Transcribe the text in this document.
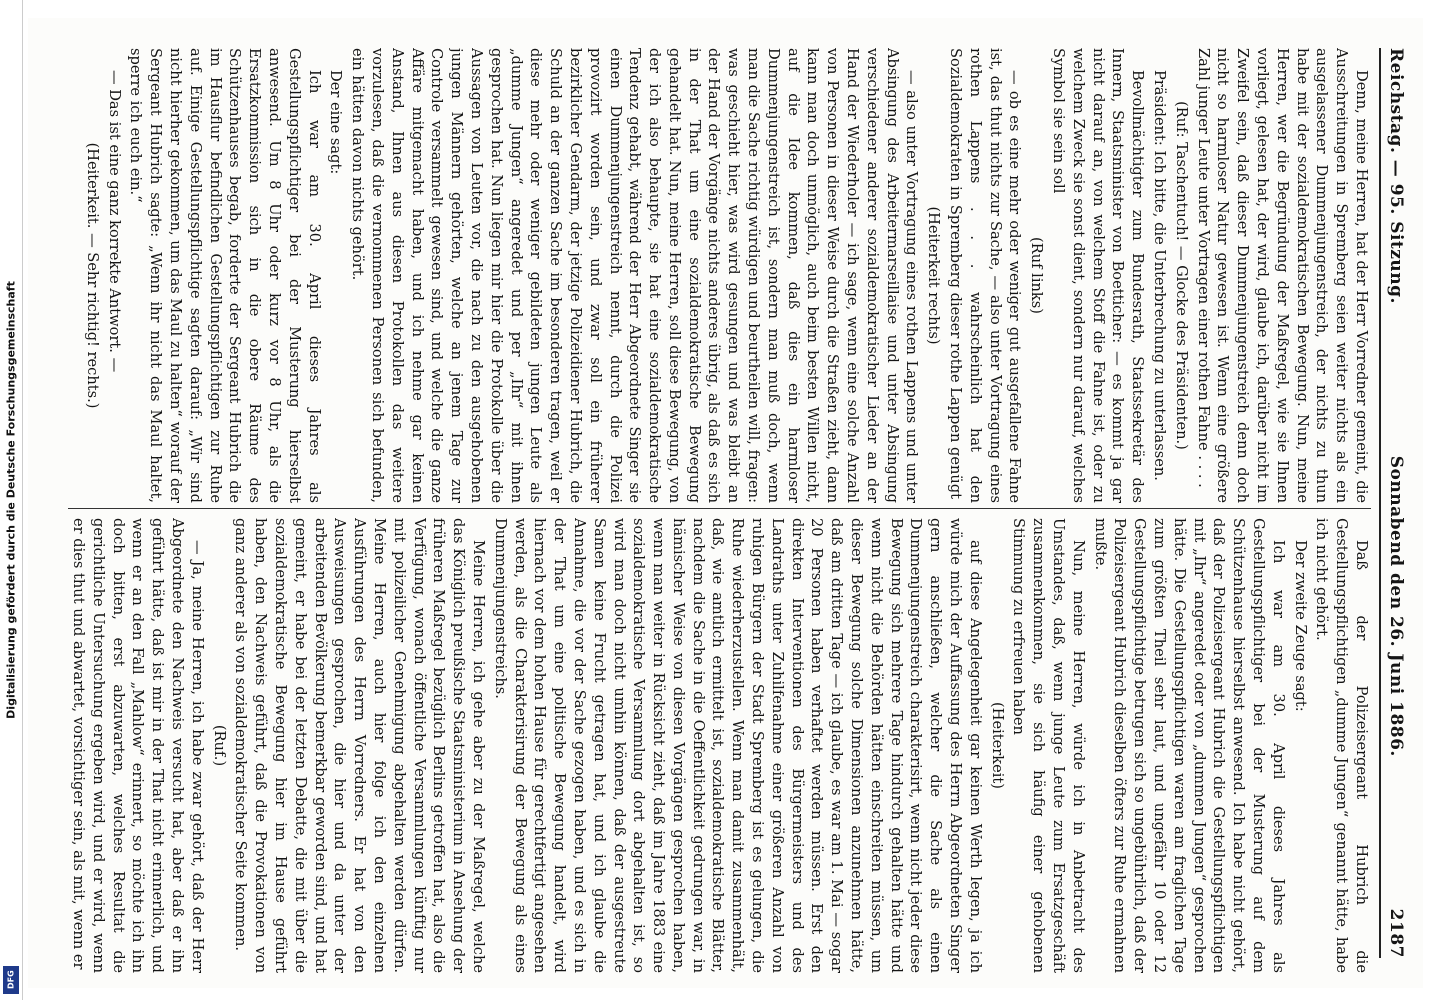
Digitalisierung gefördert durch die Deutsche Forschungsgemeinschaft
DFG
Reichstag. — 95. Sitzung.
Sonnabend den 26. Juni 1886.
2187

Denn, meine Herren, hat der Herr Vorredner gemeint, die Ausschreitungen in Spremberg seien weiter nichts als ein ausgelassener Dummenjungenstreich, der nichts zu thun habe mit der sozialdemokratischen Bewegung. Nun, meine Herren, wer die Begründung der Maßregel, wie sie Ihnen vorliegt, gelesen hat, der wird, glaube ich, darüber nicht im Zweifel sein, daß dieser Dummenjungenstreich denn doch nicht so harmloser Natur gewesen ist. Wenn eine größere Zahl junger Leute unter Vortragen einer rothen Fahne . . . .

(Ruf: Taschentuch! — Glocke des Präsidenten.)

Präsident: Ich bitte, die Unterbrechung zu unterlassen.

Bevollmächtigter zum Bundesrath, Staatssekretär des Innern, Staatsminister von Boetticher: — es kommt ja gar nicht darauf an, von welchem Stoff die Fahne ist, oder zu welchem Zweck sie sonst dient, sondern nur darauf, welches Symbol sie sein soll

(Ruf links)

— ob es eine mehr oder weniger gut ausgefallene Fahne ist, das thut nichts zur Sache, — also unter Vortragung eines rothen Lappens . . . wahrscheinlich hat den Sozialdemokraten in Spremberg dieser rothe Lappen genügt

(Heiterkeit rechts)

— also unter Vortragung eines rothen Lappens und unter Absingung des Arbeitermarseillaise und unter Absingung verschiedener anderer sozialdemokratischer Lieder an der Hand der Wiederholer — ich sage, wenn eine solche Anzahl von Personen in dieser Weise durch die Straßen zieht, dann kann man doch unmöglich, auch beim besten Willen nicht, auf die Idee kommen, daß dies ein harmloser Dummenjungenstreich ist, sondern man muß doch, wenn man die Sache richtig würdigen und beurtheilen will, fragen: was geschieht hier, was wird gesungen und was bleibt an der Hand der Vorgänge nichts anderes übrig, als daß es sich in der That um eine sozialdemokratische Bewegung gehandelt hat. Nun, meine Herren, soll diese Bewegung, von der ich also behaupte, sie hat eine sozialdemokratische Tendenz gehabt, während der Herr Abgeordnete Singer sie einen Dummenjungenstreich nennt, durch die Polizei provozirt worden sein, und zwar soll ein früherer bezirklicher Gendarm, der jetzige Polizeidiener Hubrich, die Schuld an der ganzen Sache im besonderen tragen, weil er diese mehr oder weniger gebildeten jungen Leute als „dumme Jungen“ angeredet und per „Ihr“ mit ihnen gesprochen hat. Nun liegen mir hier die Protokolle über die Aussagen von Leuten vor, die nach zu den ausgehobenen jungen Männern gehörten, welche an jenem Tage zur Controle versammelt gewesen sind, und welche die ganze Affäre mitgemacht haben, und ich nehme gar keinen Anstand, Ihnen aus diesen Protokollen das weitere vorzulesen, daß die vernommenen Personen sich befunden, ein hätten davon nichts gehört.

Der eine sagt:

Ich war am 30. April dieses Jahres als Gestellungspflichtiger bei der Musterung hierselbst anwesend. Um 8 Uhr oder kurz vor 8 Uhr, als die Ersatzkommission sich in die obere Räume des Schützenhauses begab, forderte der Sergeant Hubrich die im Hausflur befindlichen Gestellungspflichtigen zur Ruhe auf. Einige Gestellungspflichtige sagten darauf: „Wir sind nicht hierher gekommen, um das Maul zu halten“ worauf der Sergeant Hubrich sagte: „Wenn ihr nicht das Maul haltet, sperre ich euch ein.“

— Das ist eine ganz korrekte Antwort. —

(Heiterkeit. — Sehr richtig! rechts.)

Daß der Polizeisergeant Hubrich die Gestellungspflichtigen „dumme Jungen“ genannt hätte, habe ich nicht gehört.

Der zweite Zeuge sagt:

Ich war am 30. April dieses Jahres als Gestellungspflichtiger bei der Musterung auf dem Schützenhause hierselbst anwesend. Ich habe nicht gehört, daß der Polizeisergeant Hubrich die Gestellungspflichtigen mit „Ihr“ angeredet oder von „dummen Jungen“ gesprochen hätte. Die Gestellungspflichtigen waren am fraglichen Tage zum größten Theil sehr laut, und ungefähr 10 oder 12 Gestellungspflichtige betrugen sich so ungebührlich, daß der Polizeisergeant Hubrich dieselben öfters zur Ruhe ermahnen mußte.

Nun, meine Herren, würde ich in Anbetracht des Umstandes, daß, wenn junge Leute zum Ersatzgeschäft zusammenkommen, sie sich häufig einer gehobenen Stimmung zu erfreuen haben

(Heiterkeit)

auf diese Angelegenheit gar keinen Werth legen, ja ich würde mich der Auffassung des Herrn Abgeordneten Singer gern anschließen, welcher die Sache als einen Dummenjungenstreich charakterisirt, wenn nicht jeder diese Bewegung sich mehrere Tage hindurch gehalten hätte und wenn nicht die Behörden hätten einschreiten müssen, um dieser Bewegung solche Dimensionen anzunehmen hätte, daß am dritten Tage — ich glaube, es war am 1. Mai — sogar 20 Personen haben verhaftet werden müssen. Erst den direkten Interventionen des Bürgermeisters und des Landraths unter Zuhilfenahme einer größeren Anzahl von ruhigen Bürgern der Stadt Spremberg ist es gelungen, die Ruhe wiederherzustellen. Wenn man damit zusammenhält, daß, wie amtlich ermittelt ist, sozialdemokratische Blätter, nachdem die Sache in die Oeffentlichkeit gedrungen war, in hämischer Weise von diesen Vorgängen gesprochen haben, wenn man weiter in Rücksicht zieht, daß im Jahre 1883 eine sozialdemokratische Versammlung dort abgehalten ist, so wird man doch nicht umhin können, daß der ausgestreute Samen keine Frucht getragen hat, und ich glaube die Annahme, die vor der Sache gezogen haben, und es sich in der That um eine politische Bewegung handelt, wird hiernach vor dem hohen Hause für gerechtfertigt angesehen werden, als die Charakterisirung der Bewegung als eines Dummenjungenstreichs.

Meine Herren, ich gehe aber zu der Maßregel, welche das Königlich preußische Staatsministerium in Ansehung der früheren Maßregel bezüglich Berlins getroffen hat, also die Verfügung, wonach öffentliche Versammlungen künftig nur mit polizeilicher Genehmigung abgehalten werden dürfen. Meine Herren, auch hier folge ich den einzelnen Ausführungen des Herrn Vorredners. Er hat von den Ausweisungen gesprochen, die hier und da unter der arbeitenden Bevölkerung bemerkbar geworden sind, und hat gemeint, er habe bei der letzten Debatte, die mit über die sozialdemokratische Bewegung hier im Hause geführt haben, den Nachweis geführt, daß die Provokationen von ganz anderer als von sozialdemokratischer Seite kommen.

(Ruf.)

— Ja, meine Herren, ich habe zwar gehört, daß der Herr Abgeordnete den Nachweis versucht hat, aber daß er ihn geführt hätte, daß ist mir in der That nicht erinnerlich, und wenn er an den Fall „Mahlow“ erinnert, so möchte ich ihn doch bitten, erst abzuwarten, welches Resultat die gerichtliche Untersuchung ergeben wird, und er wird, wenn er dies thut und abwartet, vorsichtiger sein, als mit, wenn er
